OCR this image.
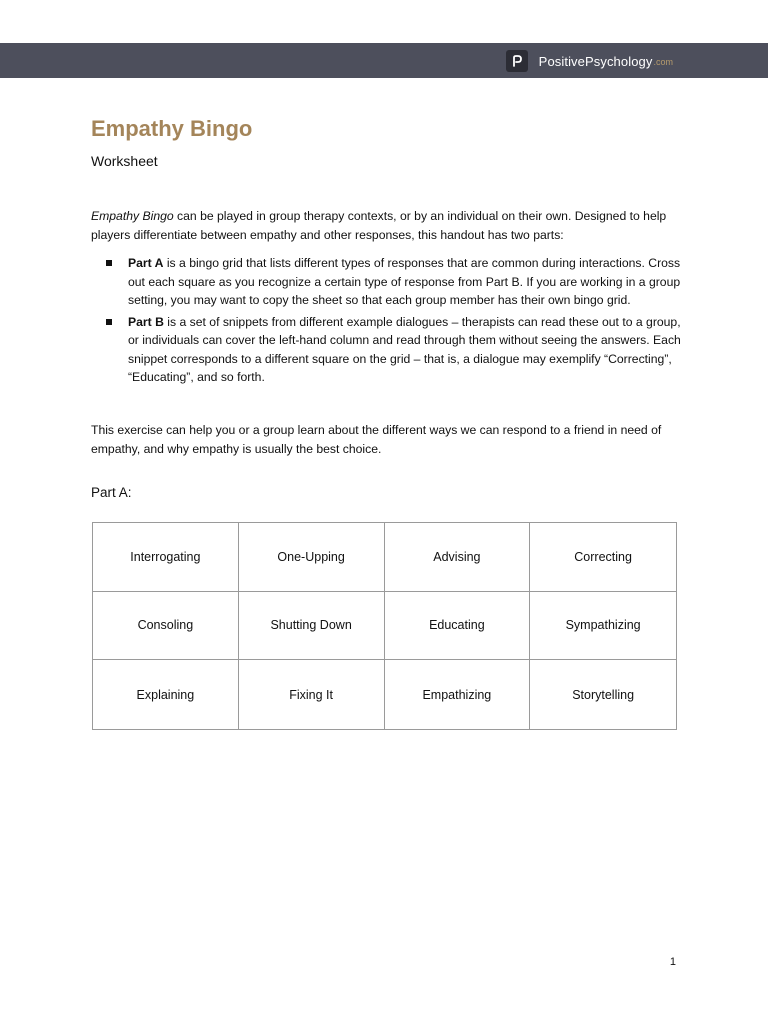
PositivePsychology .com
Empathy Bingo
Worksheet

Empathy Bingo can be played in group therapy contexts, or by an individual on their own. Designed to help players differentiate between empathy and other responses, this handout has two parts:

Part A is a bingo grid that lists different types of responses that are common during interactions. Cross out each square as you recognize a certain type of response from Part B. If you are working in a group setting, you may want to copy the sheet so that each group member has their own bingo grid.
Part B is a set of snippets from different example dialogues – therapists can read these out to a group, or individuals can cover the left-hand column and read through them without seeing the answers. Each snippet corresponds to a different square on the grid – that is, a dialogue may exemplify “Correcting”, “Educating”, and so forth.

This exercise can help you or a group learn about the different ways we can respond to a friend in need of empathy, and why empathy is usually the best choice.

Part A:
Interrogating	One-Upping	Advising	Correcting
Consoling	Shutting Down	Educating	Sympathizing
Explaining	Fixing It	Empathizing	Storytelling
1
